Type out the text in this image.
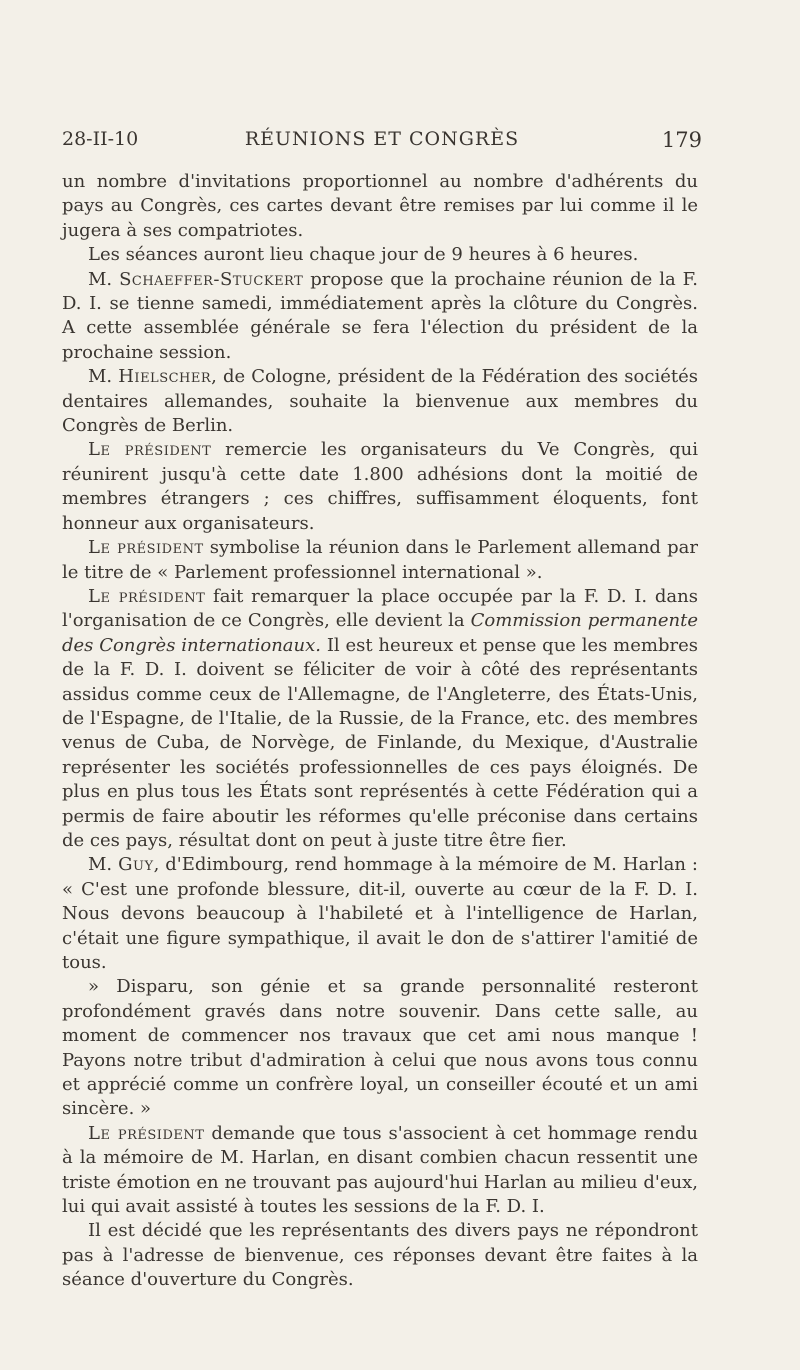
28-II-10	RÉUNIONS ET CONGRÈS	179

un nombre d'invitations proportionnel au nombre d'adhérents du pays au Congrès, ces cartes devant être remises par lui comme il le jugera à ses compatriotes.

Les séances auront lieu chaque jour de 9 heures à 6 heures.

M. Schaeffer-Stuckert propose que la prochaine réunion de la F. D. I. se tienne samedi, immédiatement après la clôture du Congrès. A cette assemblée générale se fera l'élection du président de la prochaine session.

M. Hielscher, de Cologne, président de la Fédération des sociétés dentaires allemandes, souhaite la bienvenue aux membres du Congrès de Berlin.

Le président remercie les organisateurs du Ve Congrès, qui réunirent jusqu'à cette date 1.800 adhésions dont la moitié de membres étrangers ; ces chiffres, suffisamment éloquents, font honneur aux organisateurs.

Le président symbolise la réunion dans le Parlement allemand par le titre de « Parlement professionnel international ».

Le président fait remarquer la place occupée par la F. D. I. dans l'organisation de ce Congrès, elle devient la Commission permanente des Congrès internationaux. Il est heureux et pense que les membres de la F. D. I. doivent se féliciter de voir à côté des représentants assidus comme ceux de l'Allemagne, de l'Angleterre, des États-Unis, de l'Espagne, de l'Italie, de la Russie, de la France, etc. des membres venus de Cuba, de Norvège, de Finlande, du Mexique, d'Australie représenter les sociétés professionnelles de ces pays éloignés. De plus en plus tous les États sont représentés à cette Fédération qui a permis de faire aboutir les réformes qu'elle préconise dans certains de ces pays, résultat dont on peut à juste titre être fier.

M. Guy, d'Edimbourg, rend hommage à la mémoire de M. Harlan : « C'est une profonde blessure, dit-il, ouverte au cœur de la F. D. I. Nous devons beaucoup à l'habileté et à l'intelligence de Harlan, c'était une figure sympathique, il avait le don de s'attirer l'amitié de tous.

» Disparu, son génie et sa grande personnalité resteront profondément gravés dans notre souvenir. Dans cette salle, au moment de commencer nos travaux que cet ami nous manque ! Payons notre tribut d'admiration à celui que nous avons tous connu et apprécié comme un confrère loyal, un conseiller écouté et un ami sincère. »

Le président demande que tous s'associent à cet hommage rendu à la mémoire de M. Harlan, en disant combien chacun ressentit une triste émotion en ne trouvant pas aujourd'hui Harlan au milieu d'eux, lui qui avait assisté à toutes les sessions de la F. D. I.

Il est décidé que les représentants des divers pays ne répondront pas à l'adresse de bienvenue, ces réponses devant être faites à la séance d'ouverture du Congrès.
